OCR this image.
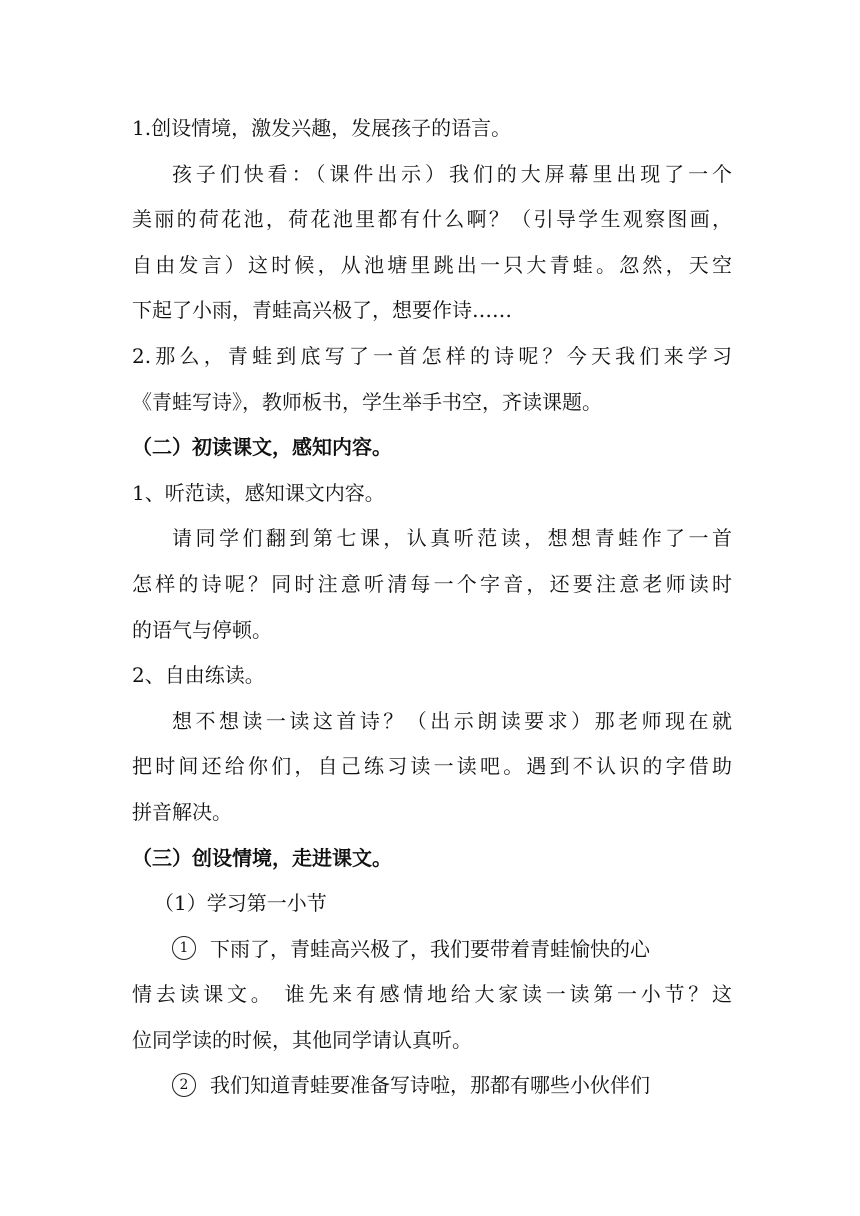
1.创设情境，激发兴趣，发展孩子的语言。
孩子们快看：（课件出示）我们的大屏幕里出现了一个
美丽的荷花池，荷花池里都有什么啊？（引导学生观察图画，
自由发言）这时候，从池塘里跳出一只大青蛙。忽然，天空
下起了小雨，青蛙高兴极了，想要作诗……
2.那么，青蛙到底写了一首怎样的诗呢？今天我们来学习
《青蛙写诗》，教师板书，学生举手书空，齐读课题。
（二）初读课文，感知内容。
1、听范读，感知课文内容。
请同学们翻到第七课，认真听范读，想想青蛙作了一首
怎样的诗呢？同时注意听清每一个字音，还要注意老师读时
的语气与停顿。
2、自由练读。
想不想读一读这首诗？（出示朗读要求）那老师现在就
把时间还给你们，自己练习读一读吧。遇到不认识的字借助
拼音解决。
（三）创设情境，走进课文。
（1）学习第一小节
1 下雨了，青蛙高兴极了，我们要带着青蛙愉快的心
情去读课文。 谁先来有感情地给大家读一读第一小节？这
位同学读的时候，其他同学请认真听。
2 我们知道青蛙要准备写诗啦，那都有哪些小伙伴们
